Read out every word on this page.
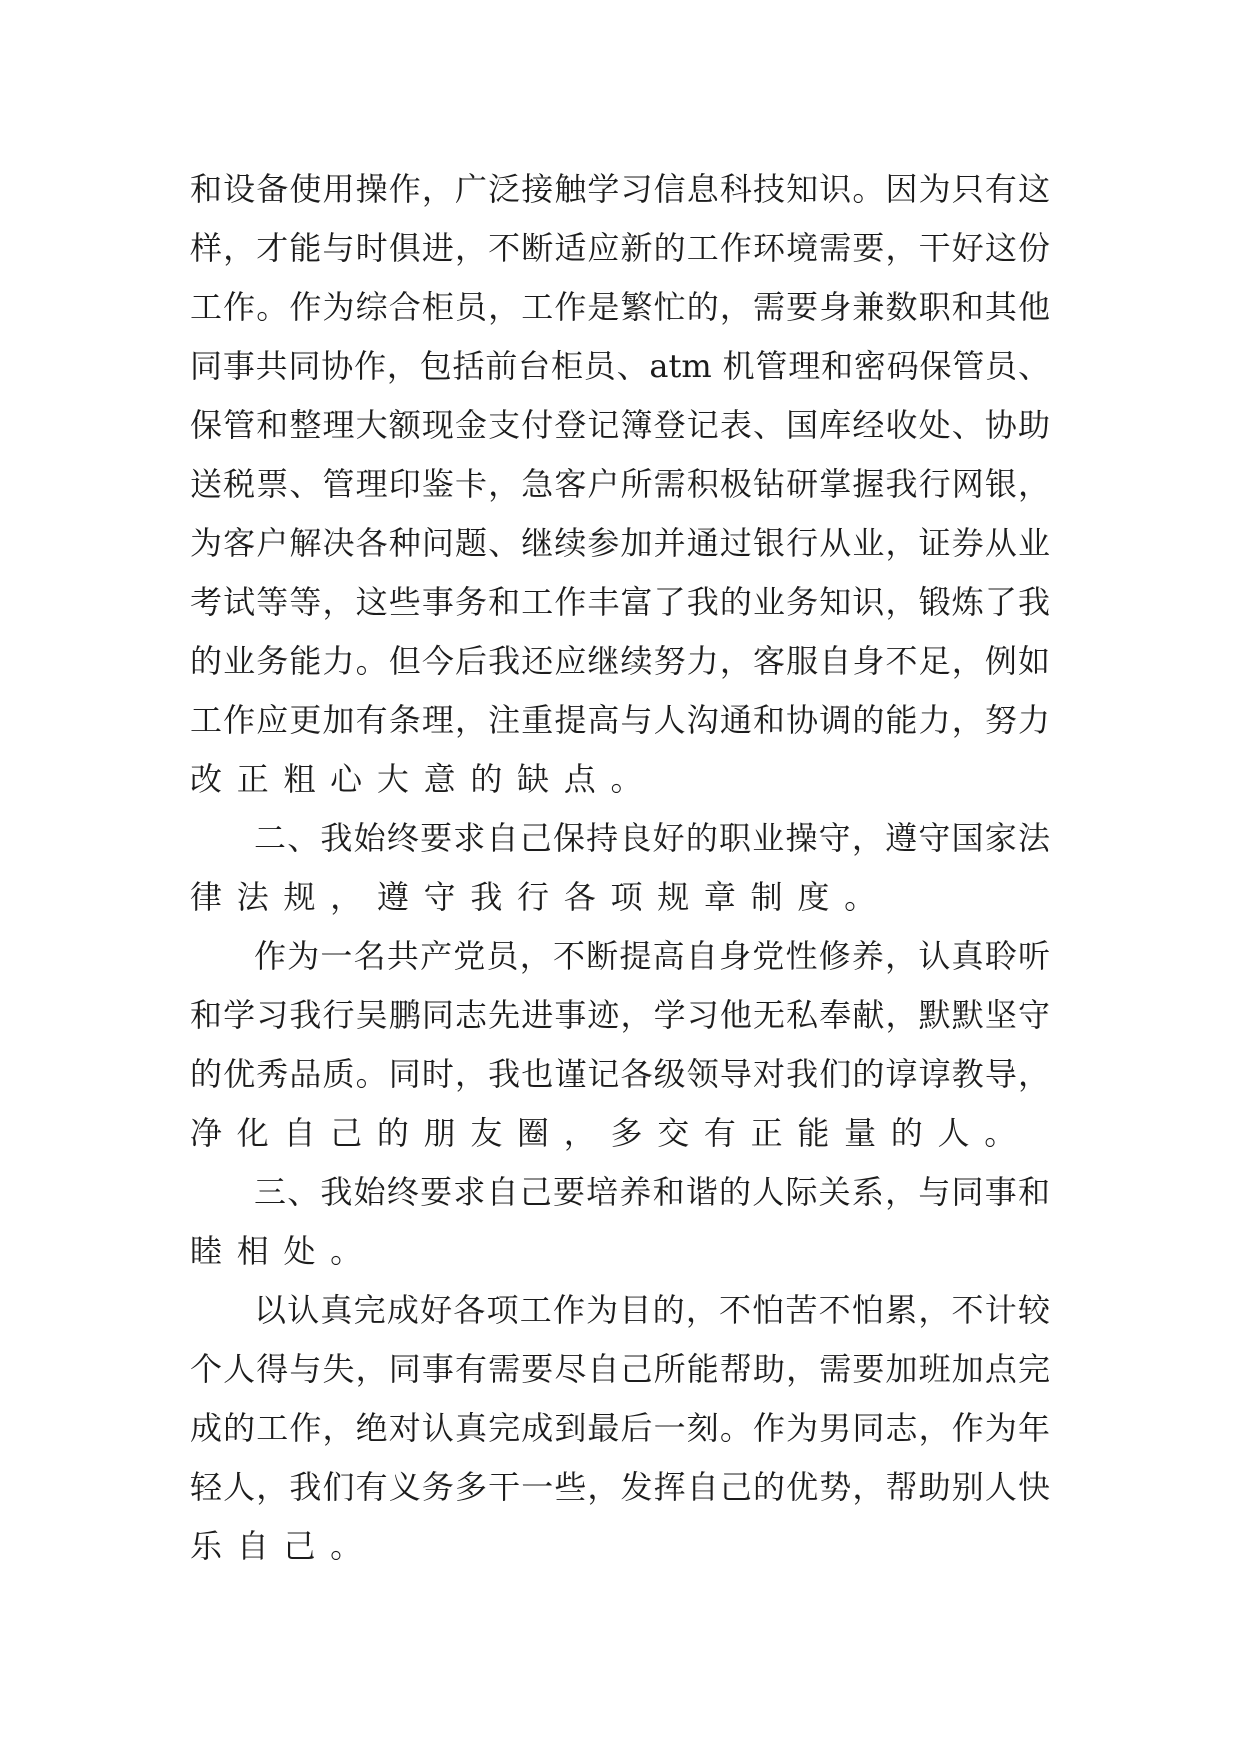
和设备使用操作，广泛接触学习信息科技知识。因为只有这
样，才能与时俱进，不断适应新的工作环境需要，干好这份
工作。作为综合柜员，工作是繁忙的，需要身兼数职和其他
同事共同协作，包括前台柜员、atm 机管理和密码保管员、
保管和整理大额现金支付登记簿登记表、国库经收处、协助
送税票、管理印鉴卡，急客户所需积极钻研掌握我行网银，
为客户解决各种问题、继续参加并通过银行从业，证券从业
考试等等，这些事务和工作丰富了我的业务知识，锻炼了我
的业务能力。但今后我还应继续努力，客服自身不足，例如
工作应更加有条理，注重提高与人沟通和协调的能力，努力
改正粗心大意的缺点。
二、我始终要求自己保持良好的职业操守，遵守国家法
律法规，遵守我行各项规章制度。
作为一名共产党员，不断提高自身党性修养，认真聆听
和学习我行吴鹏同志先进事迹，学习他无私奉献，默默坚守
的优秀品质。同时，我也谨记各级领导对我们的谆谆教导，
净化自己的朋友圈，多交有正能量的人。
三、我始终要求自己要培养和谐的人际关系，与同事和
睦相处。
以认真完成好各项工作为目的，不怕苦不怕累，不计较
个人得与失，同事有需要尽自己所能帮助，需要加班加点完
成的工作，绝对认真完成到最后一刻。作为男同志，作为年
轻人，我们有义务多干一些，发挥自己的优势，帮助别人快
乐自己。
